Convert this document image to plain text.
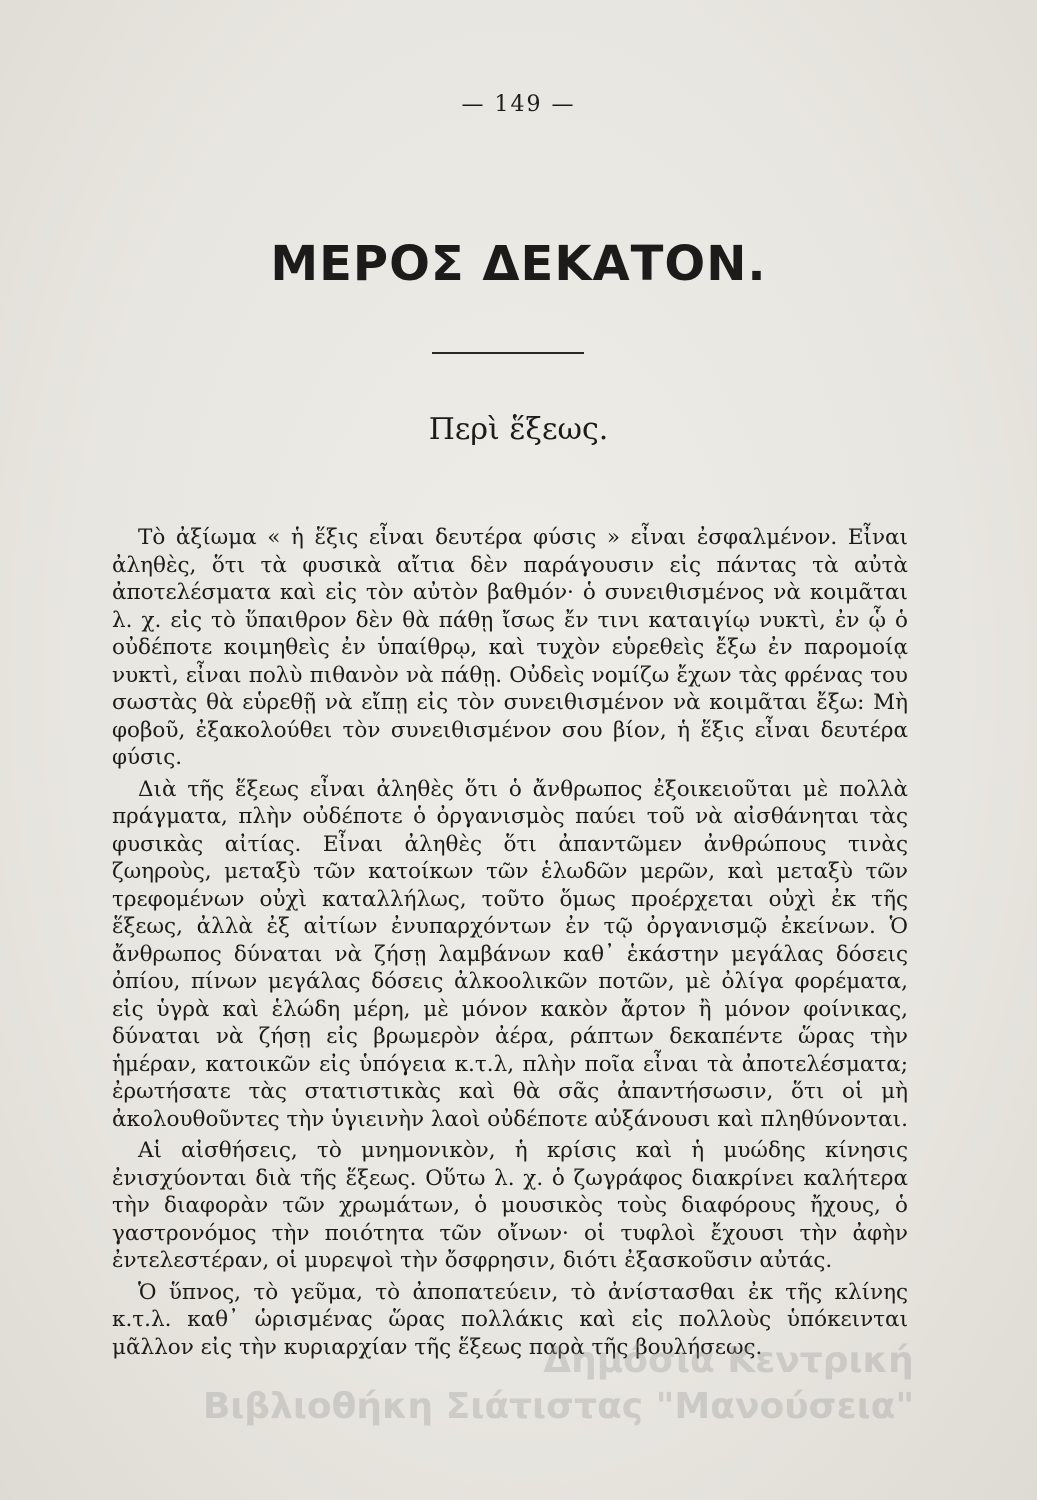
— 149 —
ΜΕΡΟΣ ΔΕΚΑΤΟΝ.
Περὶ ἕξεως.

Τὸ ἀξίωμα « ἡ ἕξις εἶναι δευτέρα φύσις » εἶναι ἐσφαλμένον. Εἶναι ἀληθὲς, ὅτι τὰ φυσικὰ αἴτια δὲν παράγουσιν εἰς πάντας τὰ αὐτὰ ἀποτελέσματα καὶ εἰς τὸν αὐτὸν βαθμόν· ὁ συνειθισμένος νὰ κοιμᾶται λ. χ. εἰς τὸ ὕπαιθρον δὲν θὰ πάθῃ ἴσως ἔν τινι καταιγίῳ νυκτὶ, ἐν ᾧ ὁ οὐδέποτε κοιμηθεὶς ἐν ὑπαίθρῳ, καὶ τυχὸν εὑρεθεὶς ἔξω ἐν παρομοίᾳ νυκτὶ, εἶναι πολὺ πιθανὸν νὰ πάθῃ. Οὐδεὶς νομίζω ἔχων τὰς φρένας του σωστὰς θὰ εὑρεθῇ νὰ εἴπῃ εἰς τὸν συνειθισμένον νὰ κοιμᾶται ἔξω: Μὴ φοβοῦ, ἐξακολούθει τὸν συνειθισμένον σου βίον, ἡ ἕξις εἶναι δευτέρα φύσις.

Διὰ τῆς ἕξεως εἶναι ἀληθὲς ὅτι ὁ ἄνθρωπος ἐξοικειοῦται μὲ πολλὰ πράγματα, πλὴν οὐδέποτε ὁ ὀργανισμὸς παύει τοῦ νὰ αἰσθάνηται τὰς φυσικὰς αἰτίας. Εἶναι ἀληθὲς ὅτι ἀπαντῶμεν ἀνθρώπους τινὰς ζωηροὺς, μεταξὺ τῶν κατοίκων τῶν ἑλωδῶν μερῶν, καὶ μεταξὺ τῶν τρεφομένων οὐχὶ καταλλήλως, τοῦτο ὅμως προέρχεται οὐχὶ ἐκ τῆς ἕξεως, ἀλλὰ ἐξ αἰτίων ἐνυπαρχόντων ἐν τῷ ὀργανισμῷ ἐκείνων. Ὁ ἄνθρωπος δύναται νὰ ζήσῃ λαμβάνων καθ᾽ ἑκάστην μεγάλας δόσεις ὀπίου, πίνων μεγάλας δόσεις ἀλκοολικῶν ποτῶν, μὲ ὀλίγα φορέματα, εἰς ὑγρὰ καὶ ἑλώδη μέρη, μὲ μόνον κακὸν ἄρτον ἢ μόνον φοίνικας, δύναται νὰ ζήσῃ εἰς βρωμερὸν ἀέρα, ράπτων δεκαπέντε ὥρας τὴν ἡμέραν, κατοικῶν εἰς ὑπόγεια κ.τ.λ, πλὴν ποῖα εἶναι τὰ ἀποτελέσματα; ἐρωτήσατε τὰς στατιστικὰς καὶ θὰ σᾶς ἀπαντήσωσιν, ὅτι οἱ μὴ ἀκολουθοῦντες τὴν ὑγιεινὴν λαοὶ οὐδέποτε αὐξάνουσι καὶ πληθύνονται.

Αἱ αἰσθήσεις, τὸ μνημονικὸν, ἡ κρίσις καὶ ἡ μυώδης κίνησις ἐνισχύονται διὰ τῆς ἕξεως. Οὕτω λ. χ. ὁ ζωγράφος διακρίνει καλήτερα τὴν διαφορὰν τῶν χρωμάτων, ὁ μουσικὸς τοὺς διαφόρους ἤχους, ὁ γαστρονόμος τὴν ποιότητα τῶν οἴνων· οἱ τυφλοὶ ἔχουσι τὴν ἀφὴν ἐντελεστέραν, οἱ μυρεψοὶ τὴν ὄσφρησιν, διότι ἐξασκοῦσιν αὐτάς.

Ὁ ὕπνος, τὸ γεῦμα, τὸ ἀποπατεύειν, τὸ ἀνίστασθαι ἐκ τῆς κλίνης κ.τ.λ. καθ᾽ ὡρισμένας ὥρας πολλάκις καὶ εἰς πολλοὺς ὑπόκεινται μᾶλλον εἰς τὴν κυριαρχίαν τῆς ἕξεως παρὰ τῆς βουλήσεως.

Δημόσια Κεντρική
Βιβλιοθήκη Σιάτιστας "Μανούσεια"
